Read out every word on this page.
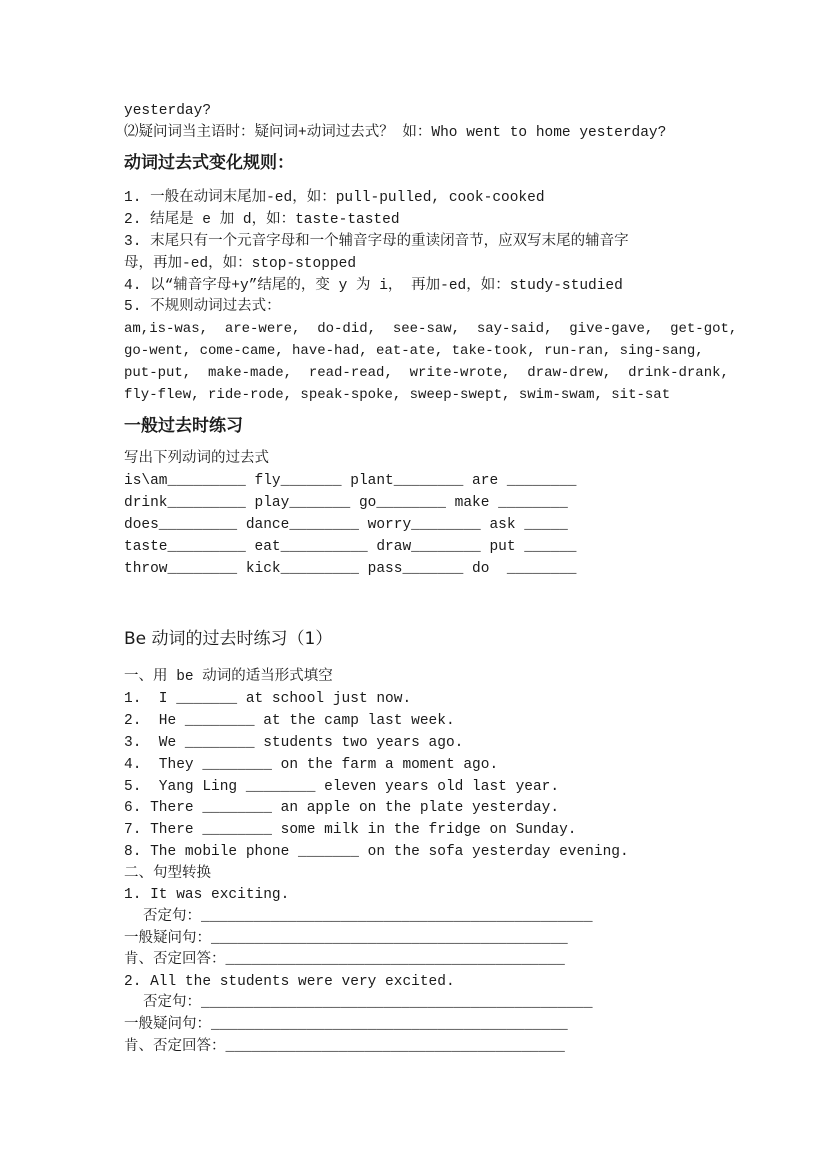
yesterday?
⑵疑问词当主语时：疑问词+动词过去式？ 如：Who went to home yesterday?
动词过去式变化规则：
1. 一般在动词末尾加-ed，如：pull-pulled, cook-cooked
2. 结尾是 e 加 d，如：taste-tasted
3. 末尾只有一个元音字母和一个辅音字母的重读闭音节，应双写末尾的辅音字
母，再加-ed，如：stop-stopped
4. 以“辅音字母+y”结尾的，变 y 为 i， 再加-ed，如：study-studied
5. 不规则动词过去式：
am,is-was,  are-were,  do-did,  see-saw,  say-said,  give-gave,  get-got,
go-went, come-came, have-had, eat-ate, take-took, run-ran, sing-sang,
put-put,  make-made,  read-read,  write-wrote,  draw-drew,  drink-drank,
fly-flew, ride-rode, speak-spoke, sweep-swept, swim-swam, sit-sat
一般过去时练习
写出下列动词的过去式
is\am_________ fly_______ plant________ are ________
drink_________ play_______ go________ make ________
does_________ dance________ worry________ ask _____
taste_________ eat__________ draw________ put ______
throw________ kick_________ pass_______ do  ________
Be 动词的过去时练习（1）
一、用 be 动词的适当形式填空
1.  I _______ at school just now.
2.  He ________ at the camp last week.
3.  We ________ students two years ago.
4.  They ________ on the farm a moment ago.
5.  Yang Ling ________ eleven years old last year.
6. There ________ an apple on the plate yesterday.
7. There ________ some milk in the fridge on Sunday.
8. The mobile phone _______ on the sofa yesterday evening.
二、句型转换
1. It was exciting.
否定句：_____________________________________________
一般疑问句：_________________________________________
肯、否定回答：_______________________________________
2. All the students were very excited.
否定句：_____________________________________________
一般疑问句：_________________________________________
肯、否定回答：_______________________________________
